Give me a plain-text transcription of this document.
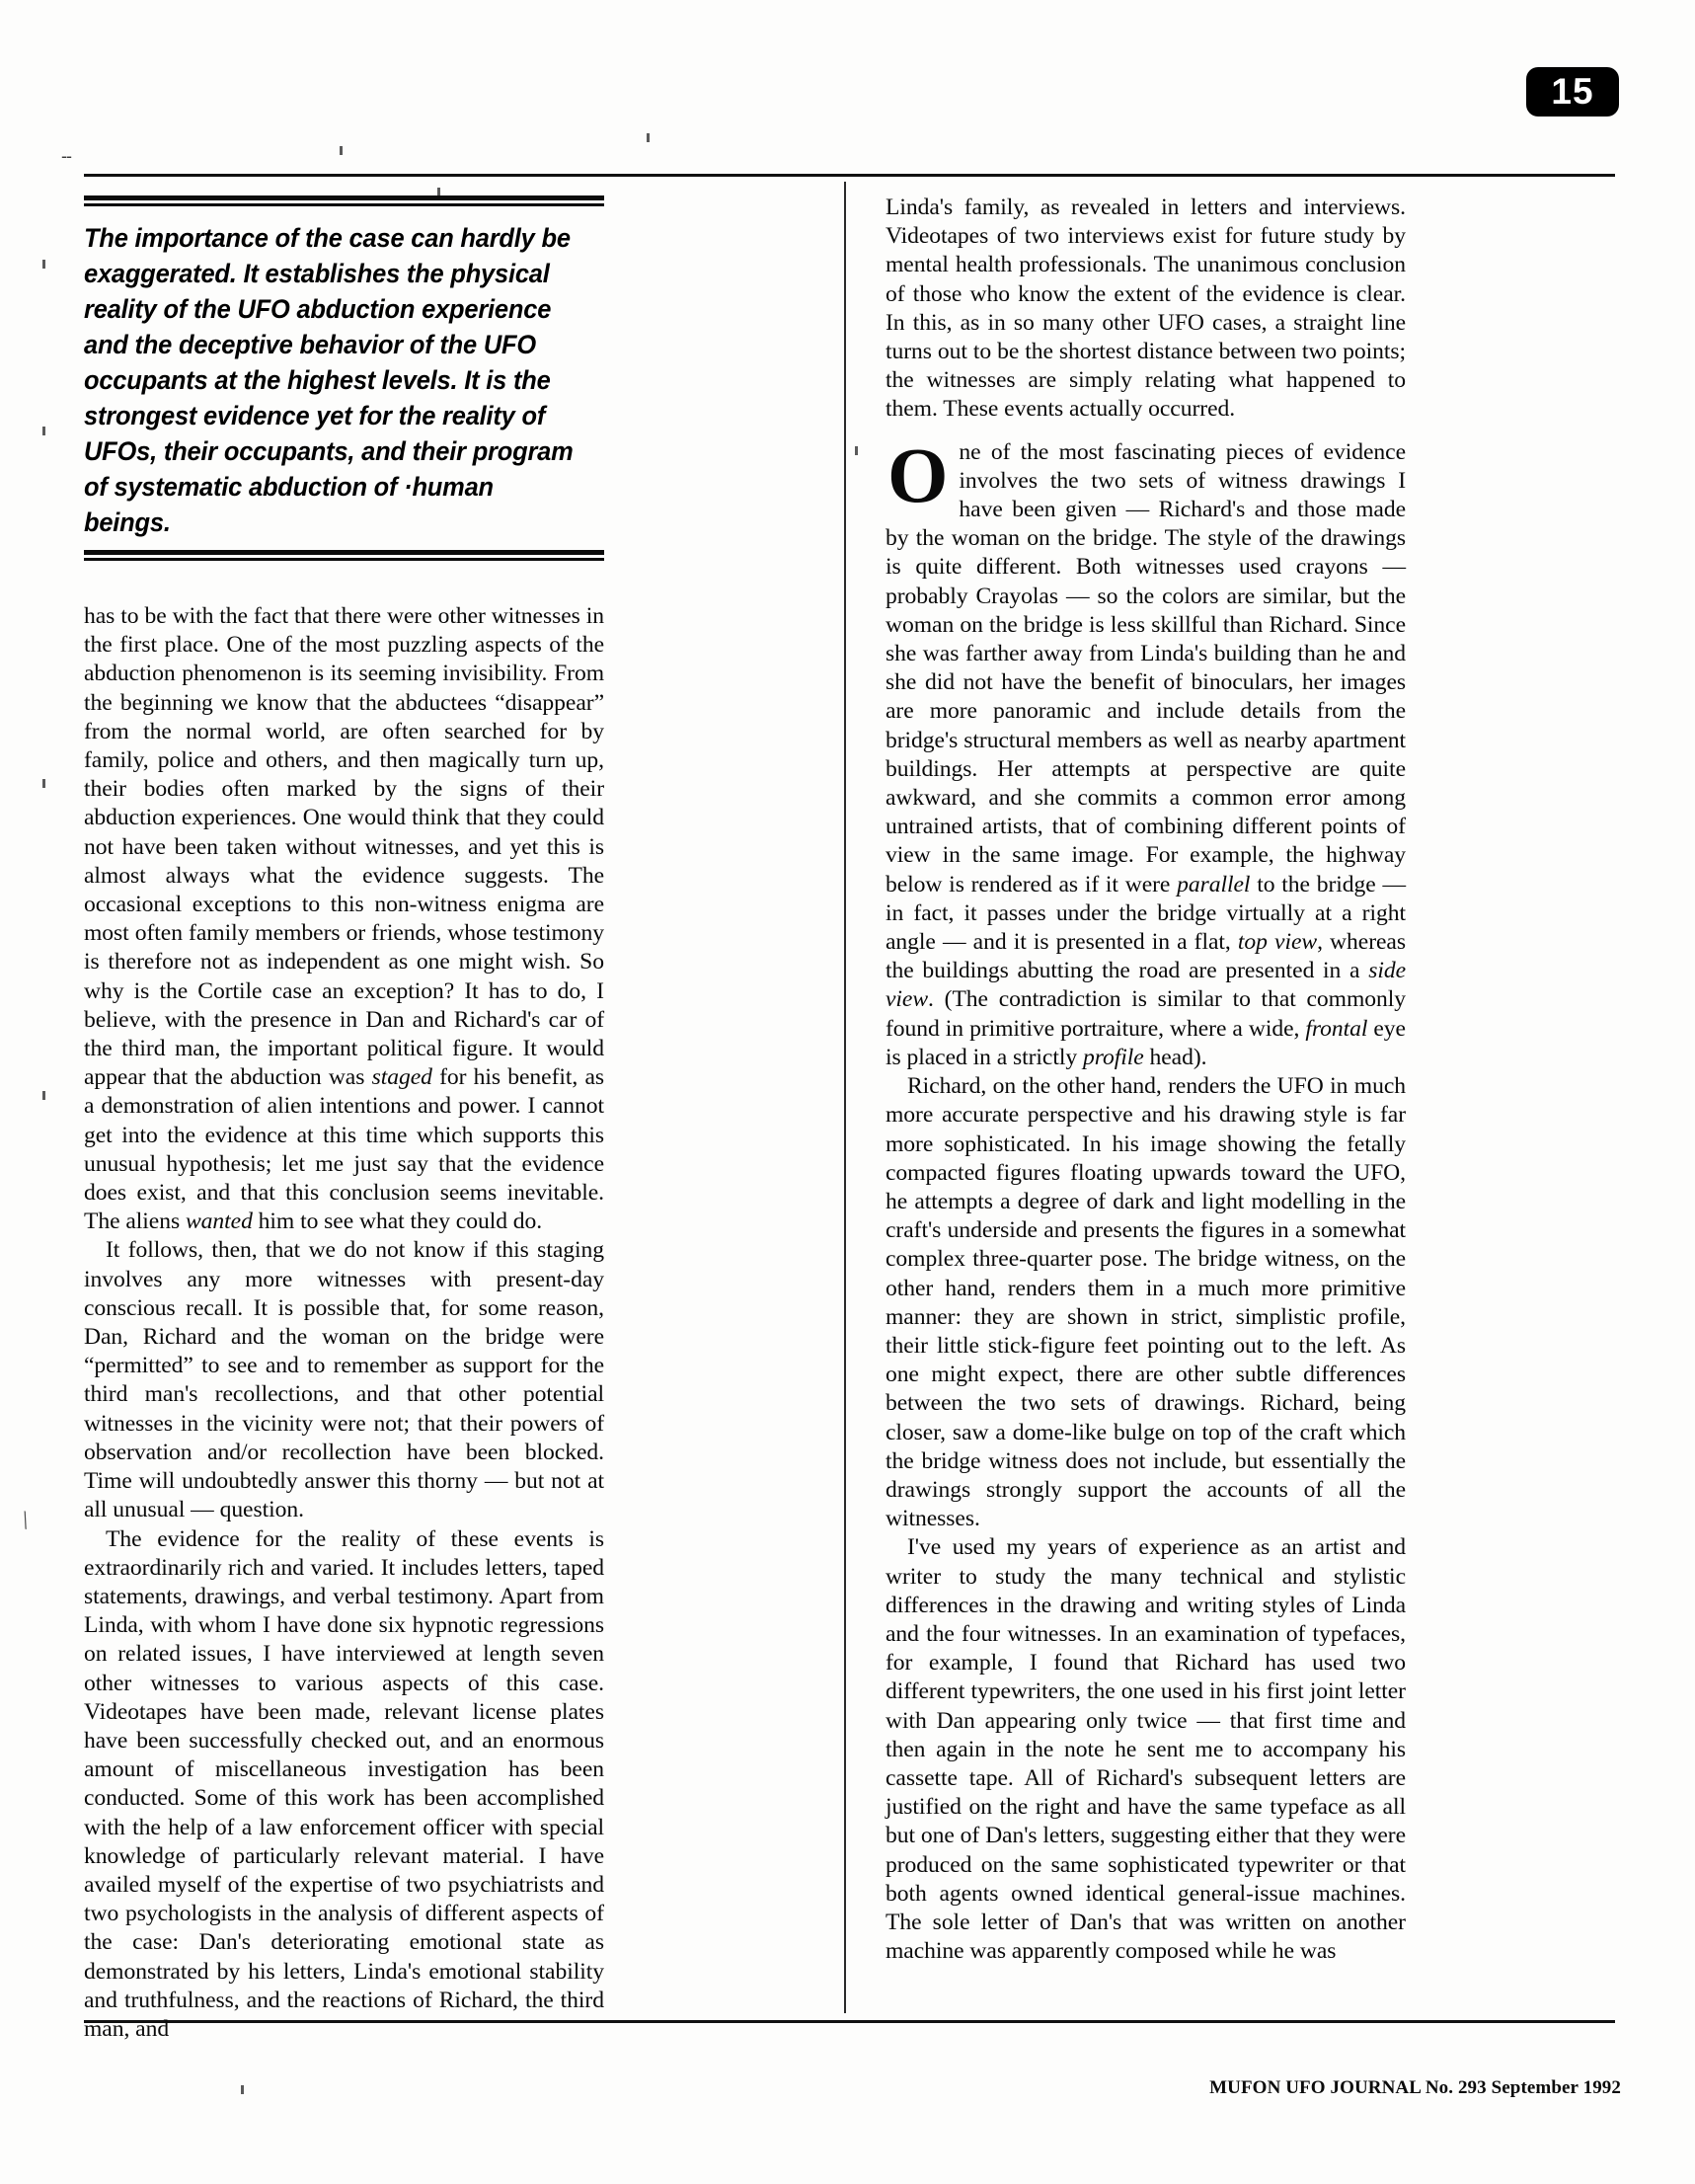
15
--
\
The importance of the case can hardly be exaggerated. It establishes the physical reality of the UFO abduction experience and the deceptive behavior of the UFO occupants at the highest levels. It is the strongest evidence yet for the reality of UFOs, their occupants, and their program of systematic abduction of ·human beings.

has to be with the fact that there were other witnesses in the first place. One of the most puzzling aspects of the abduction phenomenon is its seeming invisibility. From the beginning we know that the abductees “disappear” from the normal world, are often searched for by family, police and others, and then magically turn up, their bodies often marked by the signs of their abduction experiences. One would think that they could not have been taken without witnesses, and yet this is almost always what the evidence suggests. The occasional exceptions to this non-witness enigma are most often family members or friends, whose testimony is therefore not as independent as one might wish. So why is the Cortile case an exception? It has to do, I believe, with the presence in Dan and Richard's car of the third man, the important political figure. It would appear that the abduction was staged for his benefit, as a demonstration of alien intentions and power. I cannot get into the evidence at this time which supports this unusual hypothesis; let me just say that the evidence does exist, and that this conclusion seems inevitable. The aliens wanted him to see what they could do.

It follows, then, that we do not know if this staging involves any more witnesses with present-day conscious recall. It is possible that, for some reason, Dan, Richard and the woman on the bridge were “permitted” to see and to remember as support for the third man's recollections, and that other potential witnesses in the vicinity were not; that their powers of observation and/or recollection have been blocked. Time will undoubtedly answer this thorny — but not at all unusual — question.

The evidence for the reality of these events is extraordinarily rich and varied. It includes letters, taped statements, drawings, and verbal testimony. Apart from Linda, with whom I have done six hypnotic regressions on related issues, I have interviewed at length seven other witnesses to various aspects of this case. Videotapes have been made, relevant license plates have been successfully checked out, and an enormous amount of miscellaneous investigation has been conducted. Some of this work has been accomplished with the help of a law enforcement officer with special knowledge of particularly relevant material. I have availed myself of the expertise of two psychiatrists and two psychologists in the analysis of different aspects of the case: Dan's deteriorating emotional state as demonstrated by his letters, Linda's emotional stability and truthfulness, and the reactions of Richard, the third man, and

Linda's family, as revealed in letters and interviews. Videotapes of two interviews exist for future study by mental health professionals. The unanimous conclusion of those who know the extent of the evidence is clear. In this, as in so many other UFO cases, a straight line turns out to be the shortest distance between two points; the witnesses are simply relating what happened to them. These events actually occurred.

One of the most fascinating pieces of evidence involves the two sets of witness drawings I have been given — Richard's and those made by the woman on the bridge. The style of the drawings is quite different. Both witnesses used crayons — probably Crayolas — so the colors are similar, but the woman on the bridge is less skillful than Richard. Since she was farther away from Linda's building than he and she did not have the benefit of binoculars, her images are more panoramic and include details from the bridge's structural members as well as nearby apartment buildings. Her attempts at perspective are quite awkward, and she commits a common error among untrained artists, that of combining different points of view in the same image. For example, the highway below is rendered as if it were parallel to the bridge — in fact, it passes under the bridge virtually at a right angle — and it is presented in a flat, top view, whereas the buildings abutting the road are presented in a side view. (The contradiction is similar to that commonly found in primitive portraiture, where a wide, frontal eye is placed in a strictly profile head).

Richard, on the other hand, renders the UFO in much more accurate perspective and his drawing style is far more sophisticated. In his image showing the fetally compacted figures floating upwards toward the UFO, he attempts a degree of dark and light modelling in the craft's underside and presents the figures in a somewhat complex three-quarter pose. The bridge witness, on the other hand, renders them in a much more primitive manner: they are shown in strict, simplistic profile, their little stick-figure feet pointing out to the left. As one might expect, there are other subtle differences between the two sets of drawings. Richard, being closer, saw a dome-like bulge on top of the craft which the bridge witness does not include, but essentially the drawings strongly support the accounts of all the witnesses.

I've used my years of experience as an artist and writer to study the many technical and stylistic differences in the drawing and writing styles of Linda and the four witnesses. In an examination of typefaces, for example, I found that Richard has used two different typewriters, the one used in his first joint letter with Dan appearing only twice — that first time and then again in the note he sent me to accompany his cassette tape. All of Richard's subsequent letters are justified on the right and have the same typeface as all but one of Dan's letters, suggesting either that they were produced on the same sophisticated typewriter or that both agents owned identical general-issue machines. The sole letter of Dan's that was written on another machine was apparently composed while he was

MUFON UFO JOURNAL No. 293 September 1992
